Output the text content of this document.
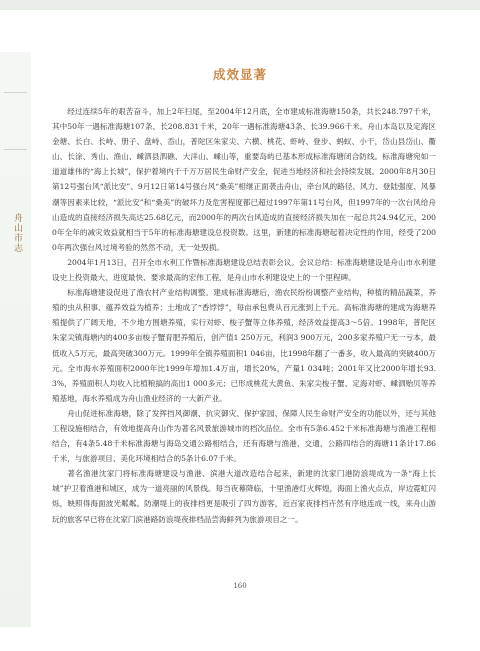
舟山市志
成效显著

经过连续5年的艰苦奋斗，加上2年扫尾，至2004年12月底，全市建成标准海塘150条，共长248.797千米，其中50年一遇标准海塘107条、长208.831千米，20年一遇标准海塘43条、长39.966千米。舟山本岛以及定海区金塘、长白、长峙、册子、盘峙、岙山，普陀区朱家尖、六横、桃花、虾峙、登步、蚂蚁、小干，岱山县岱山、衢山、长涂、秀山、渔山、嵊泗县泗礁、大洋山、嵊山等，重要岛屿已基本形成标准海塘闭合防线。标准海塘宛如一道道雄伟的“海上长城”，保护着境内千千万万居民生命财产安全，促进当地经济和社会持续发展。2000年8月30日第12号强台风“派比安”、9月12日第14号强台风“桑美”相继正面袭击舟山，牵台风的路径、风力、登陆强度、风暴潮等因素来比较，“派比安”和“桑美”的破坏力及危害程度都已超过1997年第11号台风，但1997年的一次台风给舟山造成的直接经济损失高达25.68亿元，而2000年的两次台风造成的直接经济损失加在一起总共24.94亿元，2000年全年的减灾效益就相当于5年的标准海塘建设总投资数。这里，新建的标准海塘起着决定性的作用，经受了2000年两次强台风过境考验的然然不动，无一处毁损。

2004年1月13日，召开全市水利工作暨标准海塘建设总结表彰会议。会议总结：标准海塘建设是舟山市水利建设史上投资最大、进度最快、要求最高的宏伟工程，是舟山市水利建设史上的一个里程碑。

标准海塘建设促进了渔农村产业结构调整。建成标准海塘后，渔农民纷纷调整产业结构，种植的精品蔬菜，养殖的虫从积事、蕴养效益为植养；土地成了“香饽饽”，每亩承包费从百元涨到上千元。高标准海塘的建成为海塘养殖提供了广阔天地，不少地方围塘养殖，实行对虾、梭子蟹等立体养殖，经济效益提高3～5倍。1998年，普陀区朱家尖镇海塘内的400多亩梭子蟹育肥养殖后，创产值1 250万元，利润3 900万元，200多家养殖户无一亏本，最低收入5万元，最高突破300万元。1999年全镇养殖面积1 046亩，比1998年翻了一番多，收入最高的突破400万元。全市海水养殖面积2000年比1999年增加1.4万亩，增长20%，产量1 034吨；2001年又比2000年增长93.3%，养殖面积人均收入比植粮搞的高出1 000多元；已形成桃花大黄鱼、朱家尖梭子蟹、定海对虾、嵊泗贻贝等养殖基地，海水养殖成为舟山渔业经济的一大新产业。

舟山促进标准海塘，除了发挥挡风御潮、抗灾御灾、保护家园、保障人民生命财产安全的功能以外，还与其他工程设施相结合，有效地提高舟山作为著名风景旅游城市的档次品位。全市有5条6.452千米标准海塘与渔港工程相结合，有4条5.48千米标准海塘与海岛交通公路相结合，还有海塘与渔港、交通、公路四结合的海塘11条计17.86千米，与旅游项目、美化环境相结合的5条计6.07千米。

著名渔港沈家门将标准海塘建设与渔港、滨港大道改造结合起来，新建的沈家门港防浪堤成为一条“海上长城”护卫着渔港和城区，成为一道亮丽的风景线。每当夜幕降临，十里渔港灯火辉煌，海面上渔火点点，岸边霓虹闪烁，映照得海面波光粼粼。防潮堤上的夜排档更是吸引了四方游客，近百家夜排档卉然有序地连成一线，来舟山游玩的旅客早已将在沈家门滨港路防浪堤夜排档品尝海鲜列为旅游项目之一。

160
